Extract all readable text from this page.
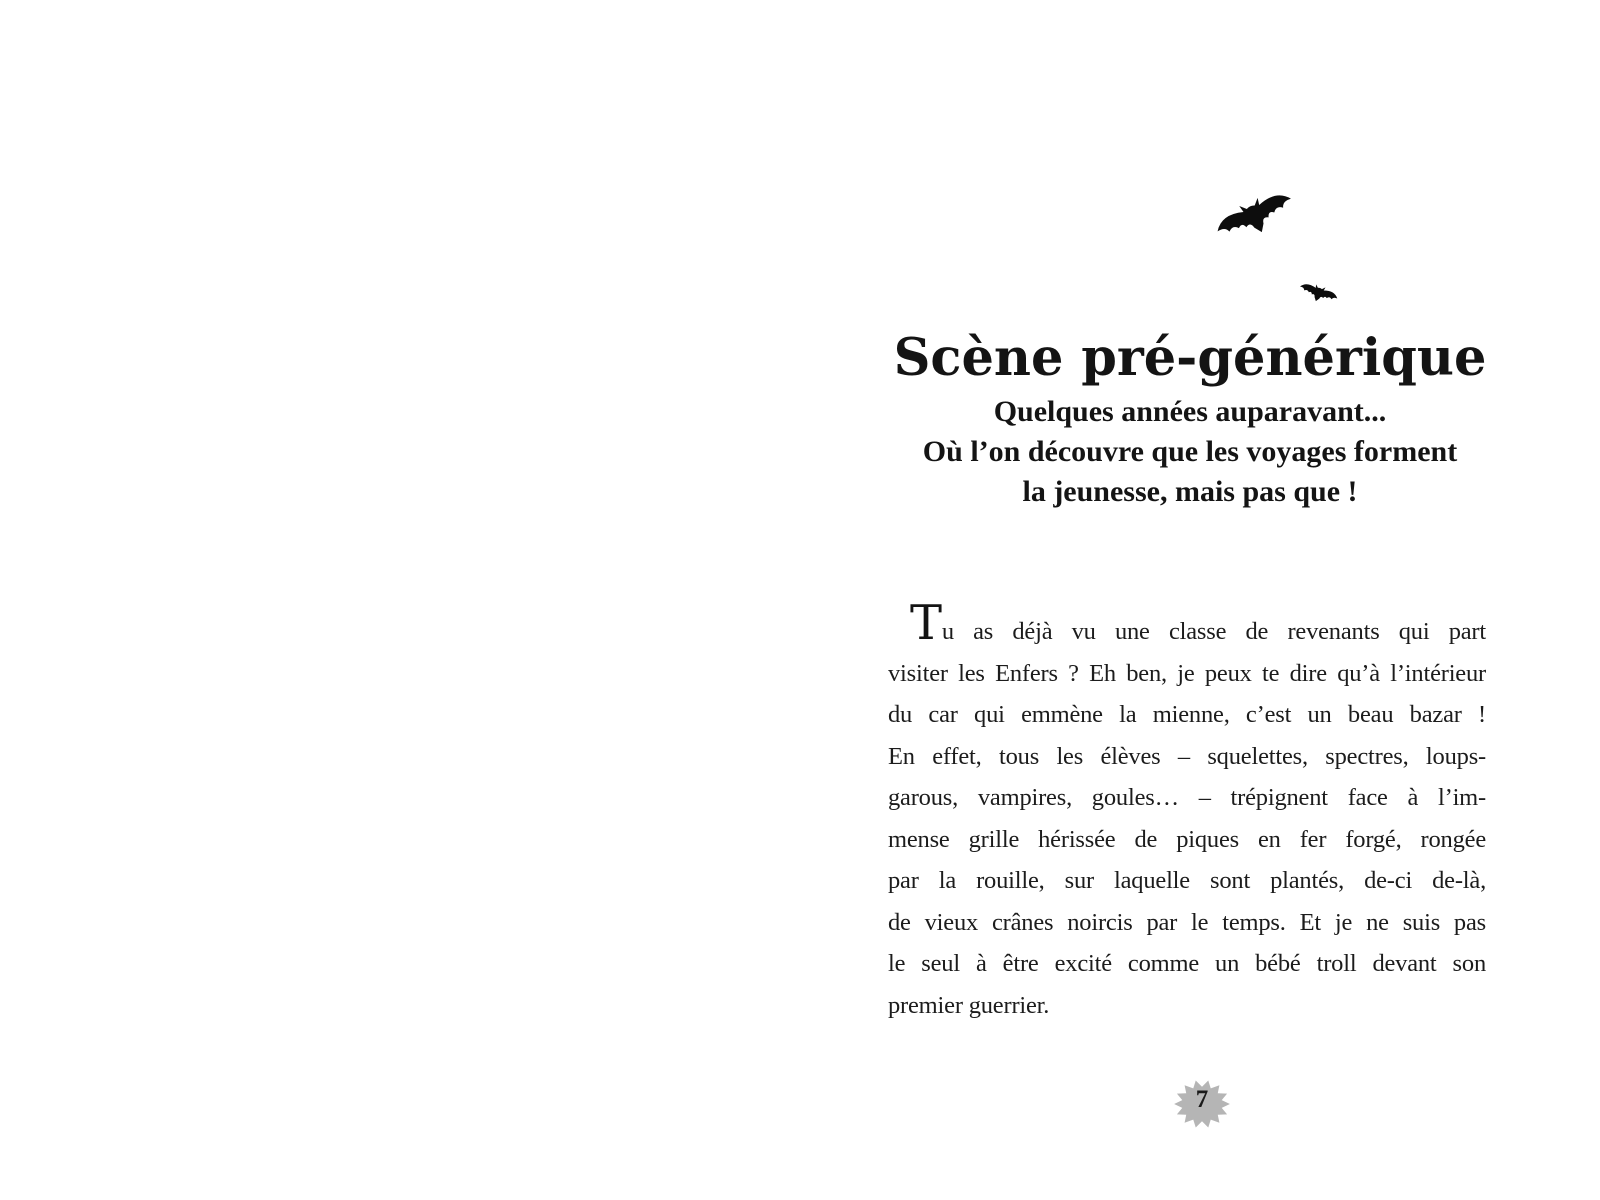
Scène pré-générique
Quelques années auparavant...
Où l’on découvre que les voyages forment
la jeunesse, mais pas que !
Tu as déjà vu une classe de revenants qui part
visiter les Enfers ? Eh ben, je peux te dire qu’à l’intérieur
du car qui emmène la mienne, c’est un beau bazar !
En effet, tous les élèves – squelettes, spectres, loups-
garous, vampires, goules… – trépignent face à l’im-
mense grille hérissée de piques en fer forgé, rongée
par la rouille, sur laquelle sont plantés, de-ci de-là,
de vieux crânes noircis par le temps. Et je ne suis pas
le seul à être excité comme un bébé troll devant son
premier guerrier.
7
